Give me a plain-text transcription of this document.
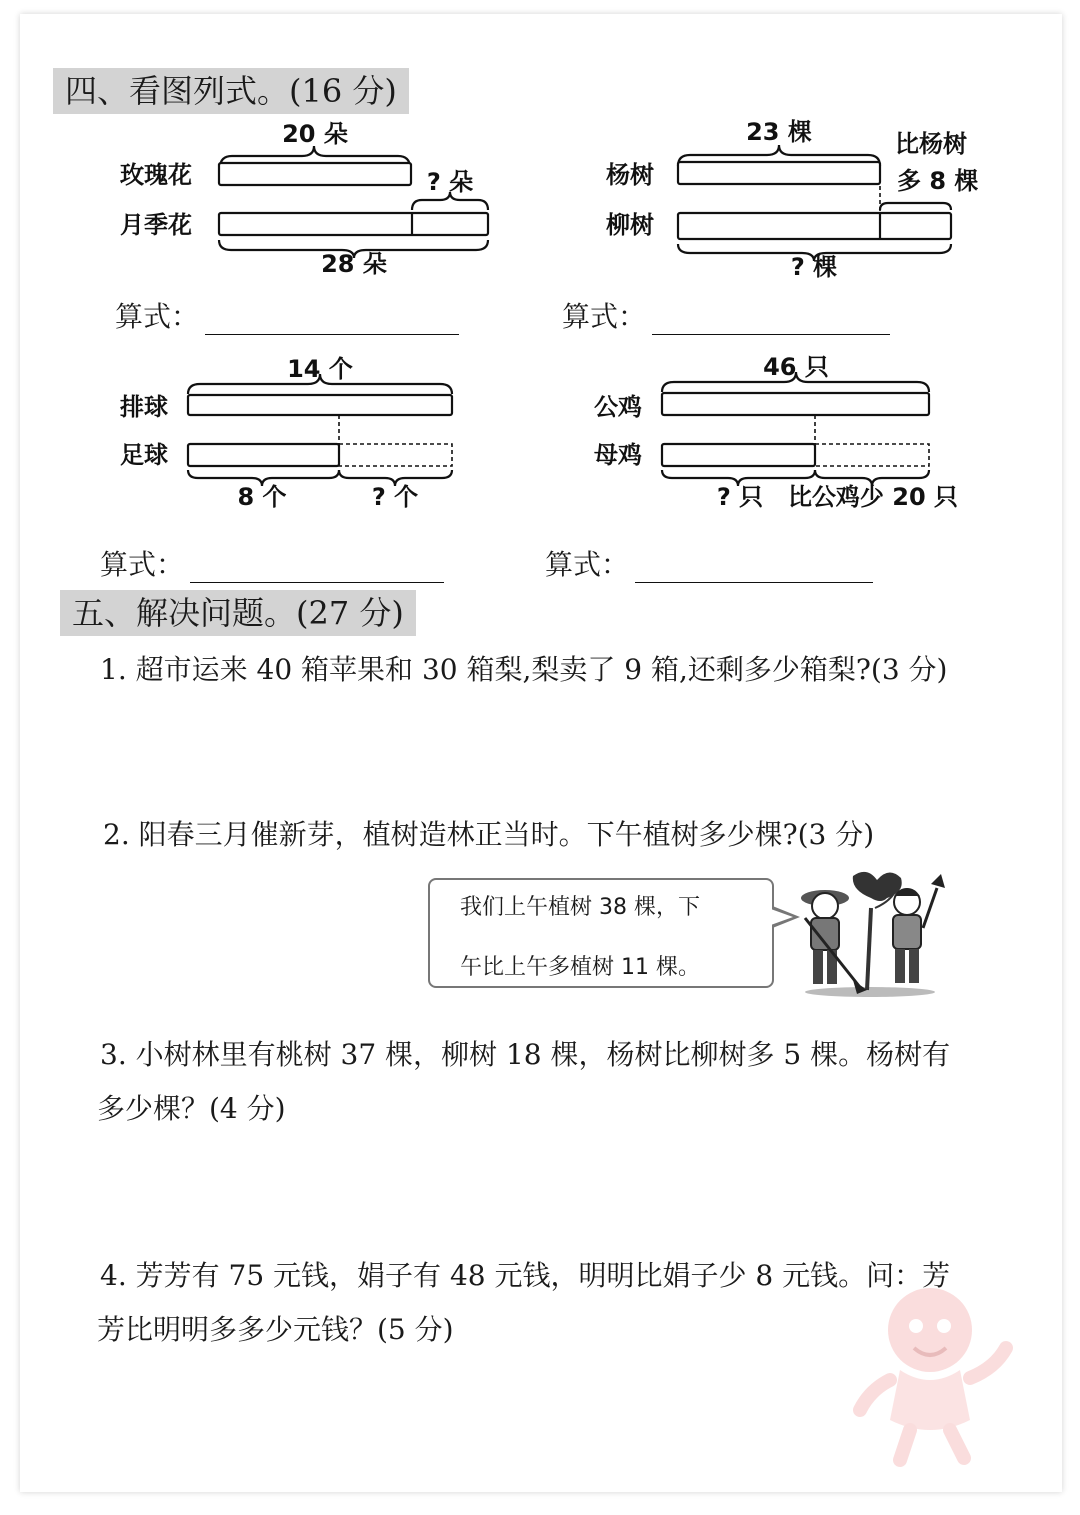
四、看图列式。(16 分)
玫瑰花
月季花
20 朵
? 朵
28 朵
杨树
柳树
23 棵	比杨树
多 8 棵
? 棵
排球
足球
14 个
8 个	? 个
公鸡
母鸡
46 只
? 只 比公鸡少 20 只
算式：	算式：
算式：	算式：
五、解决问题。(27 分)
1. 超市运来 40 箱苹果和 30 箱梨,梨卖了 9 箱,还剩多少箱梨?(3 分)
2. 阳春三月催新芽，植树造林正当时。下午植树多少棵?(3 分)
我们上午植树 38 棵，下
午比上午多植树 11 棵。
3. 小树林里有桃树 37 棵，柳树 18 棵，杨树比柳树多 5 棵。杨树有
多少棵？(4 分)
4. 芳芳有 75 元钱，娟子有 48 元钱，明明比娟子少 8 元钱。问：芳
芳比明明多多少元钱？(5 分)
